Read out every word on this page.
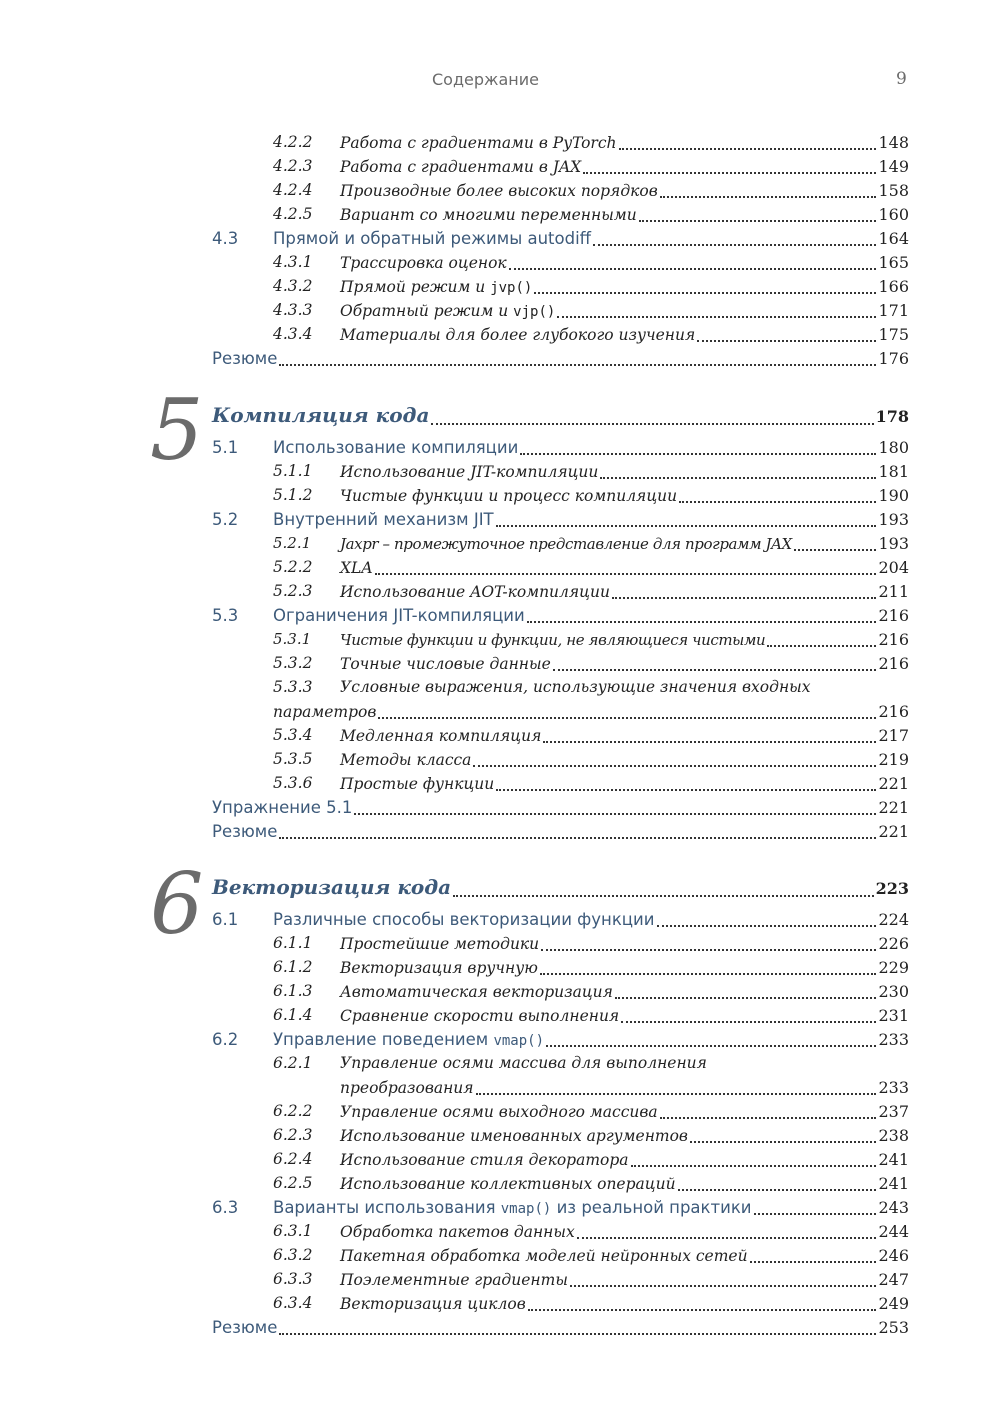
Содержание	9
4.2.2 Работа с градиентами в PyTorch	148
4.2.3 Работа с градиентами в JAX	149
4.2.4 Производные более высоких порядков	158
4.2.5 Вариант со многими переменными	160
4.3 Прямой и обратный режимы autodiff	164
4.3.1 Трассировка оценок	165
4.3.2 Прямой режим и jvp()	166
4.3.3 Обратный режим и vjp()	171
4.3.4 Материалы для более глубокого изучения	175
Резюме	176
5 Компиляция кода	178
5.1 Использование компиляции	180
5.1.1 Использование JIT-компиляции	181
5.1.2 Чистые функции и процесс компиляции	190
5.2 Внутренний механизм JIT	193
5.2.1 Jaxpr – промежуточное представление для программ JAX	193
5.2.2 XLA	204
5.2.3 Использование AOT-компиляции	211
5.3 Ограничения JIT-компиляции	216
5.3.1 Чистые функции и функции, не являющиеся чистыми	216
5.3.2 Точные числовые данные	216
5.3.3 Условные выражения, использующие значения входных
параметров	216
5.3.4 Медленная компиляция	217
5.3.5 Методы класса	219
5.3.6 Простые функции	221
Упражнение 5.1	221
Резюме	221
6 Векторизация кода	223
6.1 Различные способы векторизации функции	224
6.1.1 Простейшие методики	226
6.1.2 Векторизация вручную	229
6.1.3 Автоматическая векторизация	230
6.1.4 Сравнение скорости выполнения	231
6.2 Управление поведением vmap()	233
6.2.1 Управление осями массива для выполнения
преобразования	233
6.2.2 Управление осями выходного массива	237
6.2.3 Использование именованных аргументов	238
6.2.4 Использование стиля декоратора	241
6.2.5 Использование коллективных операций	241
6.3 Варианты использования vmap() из реальной практики	243
6.3.1 Обработка пакетов данных	244
6.3.2 Пакетная обработка моделей нейронных сетей	246
6.3.3 Поэлементные градиенты	247
6.3.4 Векторизация циклов	249
Резюме	253
